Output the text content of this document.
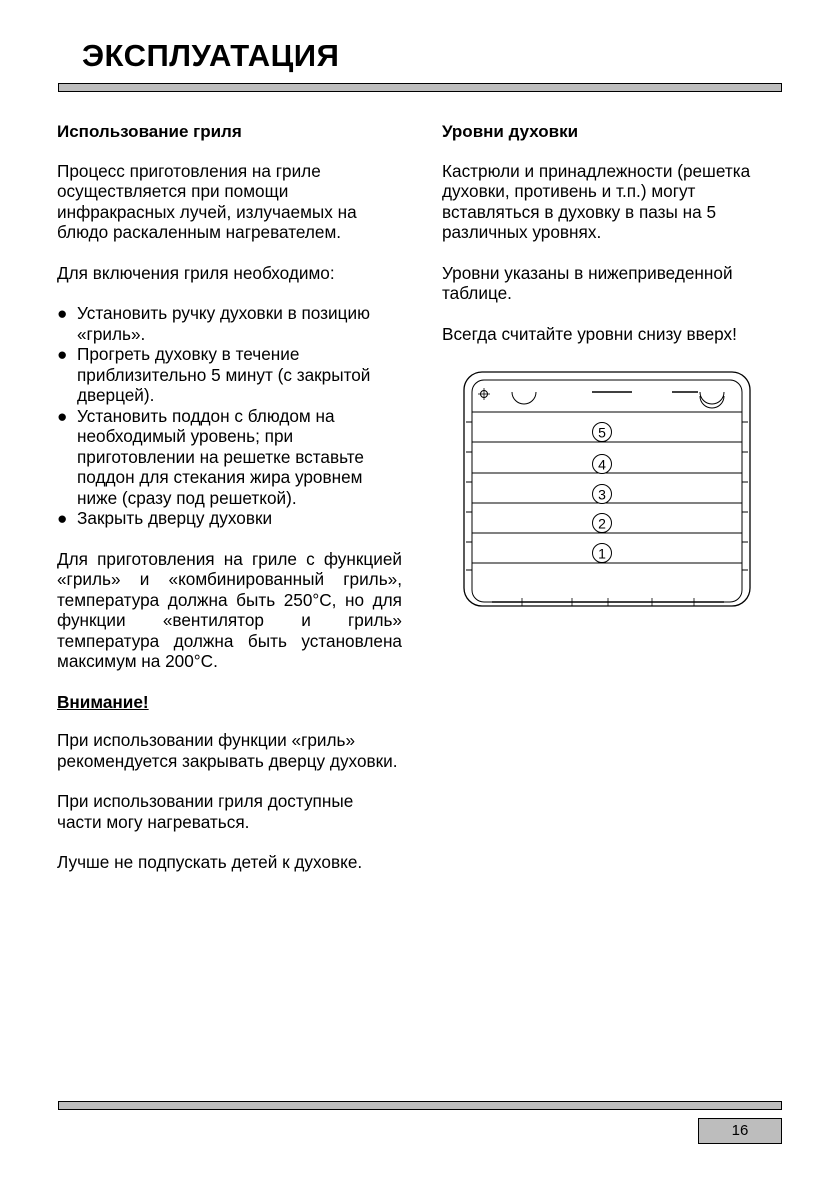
ЭКСПЛУАТАЦИЯ
Использование гриля

Процесс приготовления на гриле осуществляется при помощи инфракрасных лучей, излучаемых на блюдо раскаленным нагревателем.

Для включения гриля необходимо:

● Установить ручку духовки в позицию «гриль».
● Прогреть духовку в течение приблизительно 5 минут (с закрытой дверцей).
● Установить поддон с блюдом на необходимый уровень; при приготовлении на решетке вставьте поддон для стекания жира уровнем ниже (сразу под решеткой).
● Закрыть дверцу духовки

Для приготовления на гриле с функцией «гриль» и «комбинированный гриль», температура должна быть 250°С, но для функции «вентилятор и гриль» температура должна быть установлена максимум на 200°С.

Внимание!

При использовании функции «гриль» рекомендуется закрывать дверцу духовки.

При использовании гриля доступные части могу нагреваться.

Лучше не подпускать детей к духовке.

Уровни духовки

Кастрюли и принадлежности (решетка духовки, противень и т.п.) могут вставляться в духовку в пазы на 5 различных уровнях.

Уровни указаны в нижеприведенной таблице.

Всегда считайте уровни снизу вверх!

5
4
3
2
1
16
